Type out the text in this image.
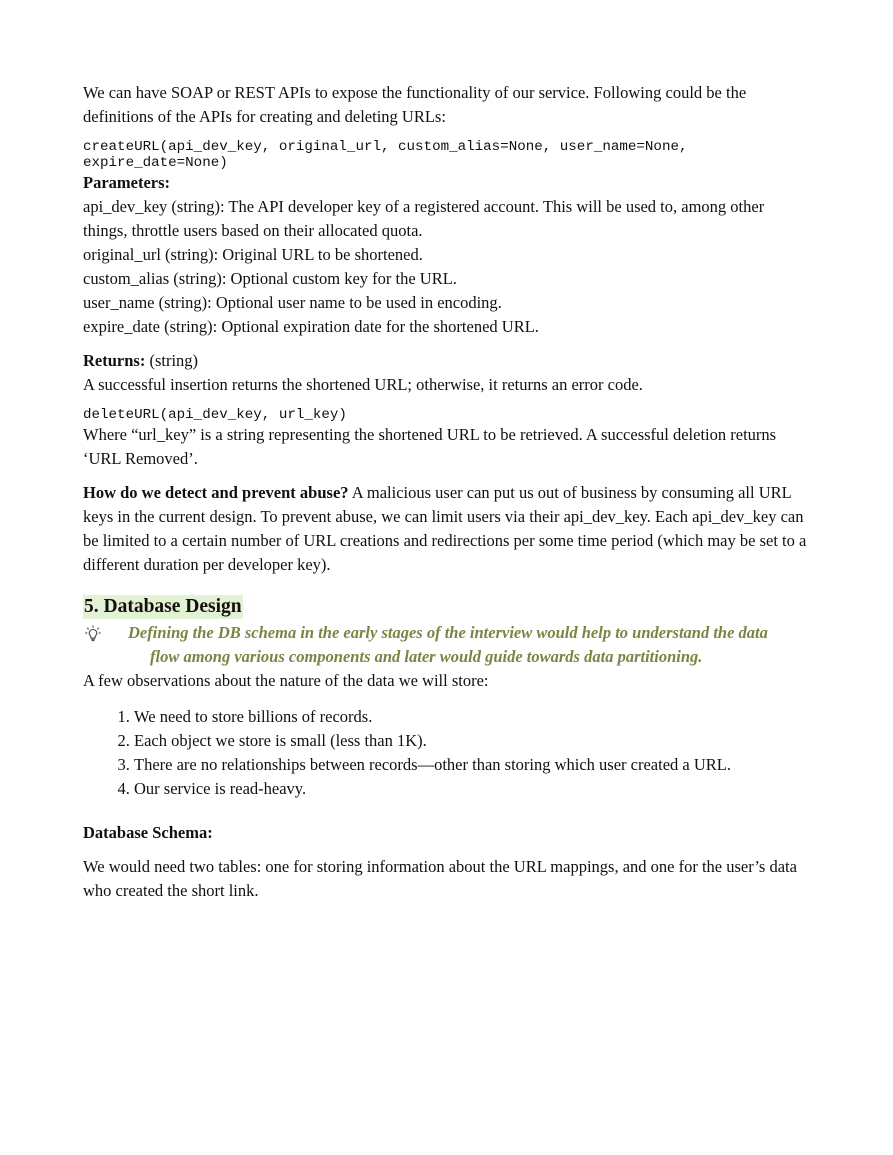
We can have SOAP or REST APIs to expose the functionality of our service. Following could be the definitions of the APIs for creating and deleting URLs:

createURL(api_dev_key, original_url, custom_alias=None, user_name=None, expire_date=None)

Parameters:

api_dev_key (string): The API developer key of a registered account. This will be used to, among other things, throttle users based on their allocated quota.

original_url (string): Original URL to be shortened.

custom_alias (string): Optional custom key for the URL.

user_name (string): Optional user name to be used in encoding.

expire_date (string): Optional expiration date for the shortened URL.

Returns: (string)

A successful insertion returns the shortened URL; otherwise, it returns an error code.

deleteURL(api_dev_key, url_key)

Where “url_key” is a string representing the shortened URL to be retrieved. A successful deletion returns ‘URL Removed’.

How do we detect and prevent abuse? A malicious user can put us out of business by consuming all URL keys in the current design. To prevent abuse, we can limit users via their api_dev_key. Each api_dev_key can be limited to a certain number of URL creations and redirections per some time period (which may be set to a different duration per developer key).

5. Database Design
Defining the DB schema in the early stages of the interview would help to understand the data
flow among various components and later would guide towards data partitioning.

A few observations about the nature of the data we will store:

1. We need to store billions of records.
2. Each object we store is small (less than 1K).
3. There are no relationships between records—other than storing which user created a URL.
4. Our service is read-heavy.

Database Schema:

We would need two tables: one for storing information about the URL mappings, and one for the user’s data who created the short link.
